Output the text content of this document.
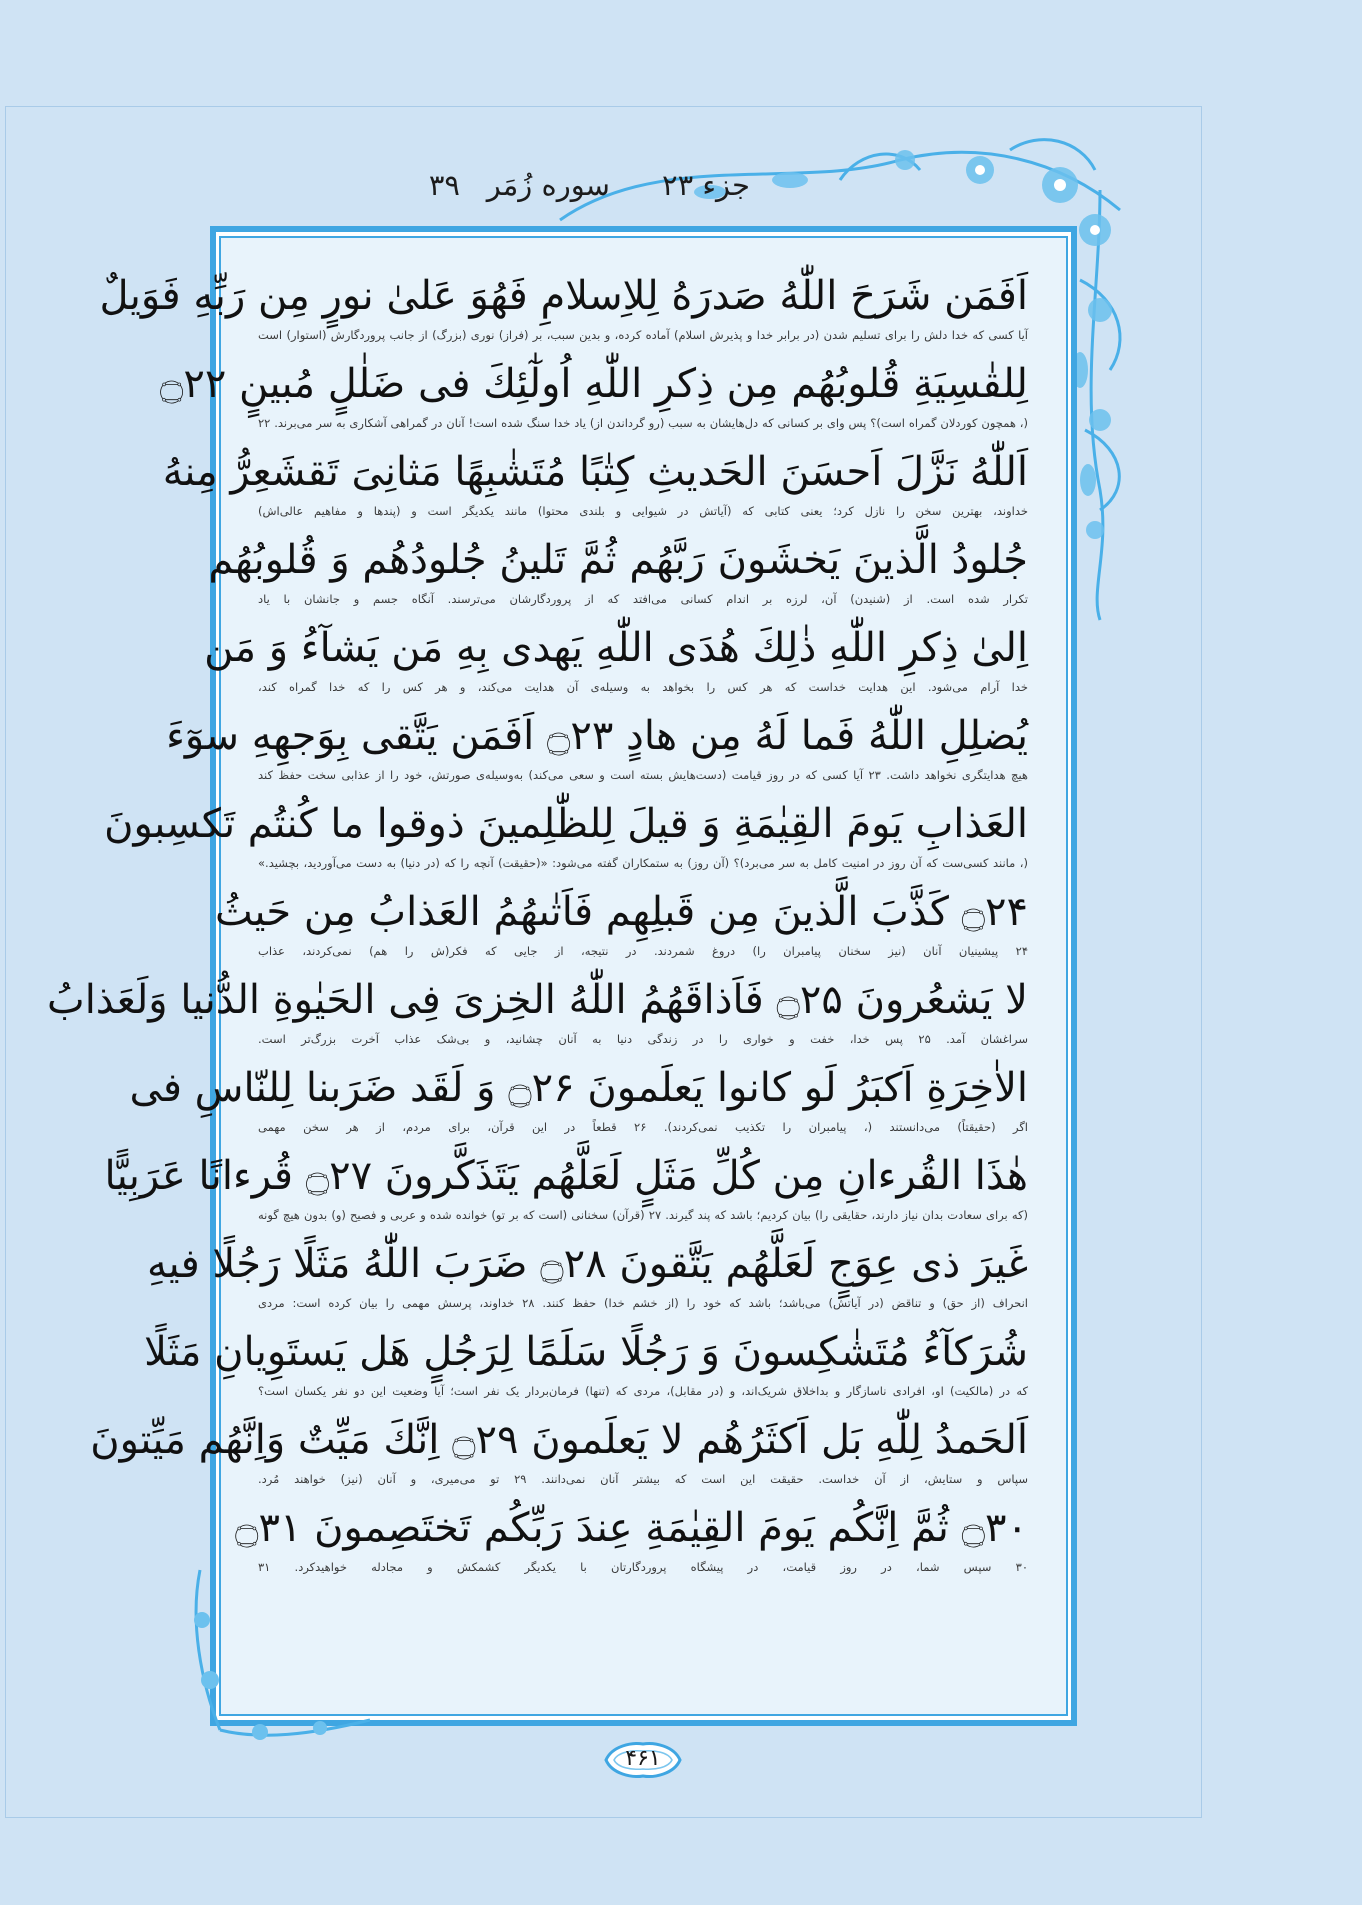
جزء ۲۳
سوره زُمَر
۳۹

اَفَمَن شَرَحَ اللّٰهُ صَدرَهُ لِلاِسلامِ فَهُوَ عَلىٰ نورٍ مِن رَبِّهِ فَوَيلٌ

آیا کسی که خدا دلش را برای تسلیم شدن (در برابر خدا و پذیرش اسلام) آماده کرده، و بدین سبب، بر (فراز) نوری (بزرگ) از جانب پروردگارش (استوار) است

لِلقٰسِيَةِ قُلوبُهُم مِن ذِكرِ اللّٰهِ اُولٰٓئِكَ فى ضَلٰلٍ مُبينٍ ۝۲۲

(، همچون کوردلان گمراه است)؟ پس وای بر کسانی که دل‌هایشان به سبب (رو گرداندن از) یاد خدا سنگ شده است! آنان در گمراهی آشکاری به سر می‌برند. ۲۲

اَللّٰهُ نَزَّلَ اَحسَنَ الحَديثِ كِتٰبًا مُتَشٰبِهًا مَثانِىَ تَقشَعِرُّ مِنهُ

خداوند، بهترین سخن را نازل کرد؛ یعنی کتابی که (آیاتش در شیوایی و بلندی محتوا) مانند یکدیگر است و (پندها و مفاهیم عالی‌اش)

جُلودُ الَّذينَ يَخشَونَ رَبَّهُم ثُمَّ تَلينُ جُلودُهُم وَ قُلوبُهُم

تکرار شده است. از (شنیدن) آن، لرزه بر اندام کسانی می‌افتد که از پروردگارشان می‌ترسند. آنگاه جسم و جانشان با یاد

اِلىٰ ذِكرِ اللّٰهِ ذٰلِكَ هُدَى اللّٰهِ يَهدى بِهِ مَن يَشآءُ وَ مَن

خدا آرام می‌شود. این هدایت خداست که هر کس را بخواهد به وسیله‌ی آن هدایت می‌کند، و هر کس را که خدا گمراه کند،

يُضلِلِ اللّٰهُ فَما لَهُ مِن هادٍ ۝۲۳ اَفَمَن يَتَّقى بِوَجهِهِ سوٓءَ

هیچ هدایتگری نخواهد داشت. ۲۳ آیا کسی که در روز قیامت (دست‌هایش بسته است و سعی می‌کند) به‌وسیله‌ی صورتش، خود را از عذابی سخت حفظ کند

العَذابِ يَومَ القِيٰمَةِ وَ قيلَ لِلظّٰلِمينَ ذوقوا ما كُنتُم تَكسِبونَ

(، مانند کسی‌ست که آن روز در امنیت کامل به سر می‌برد)؟ (آن روز) به ستمکاران گفته می‌شود: «(حقیقت) آنچه را که (در دنیا) به دست می‌آوردید، بچشید.»

۝۲۴ كَذَّبَ الَّذينَ مِن قَبلِهِم فَاَتٰىهُمُ العَذابُ مِن حَيثُ

۲۴ پیشینیان آنان (نیز سخنان پیامبران را) دروغ شمردند. در نتیجه، از جایی که فکر(ش را هم) نمی‌کردند، عذاب

لا يَشعُرونَ ۝۲۵ فَاَذاقَهُمُ اللّٰهُ الخِزىَ فِى الحَيٰوةِ الدُّنيا وَلَعَذابُ

سراغشان آمد. ۲۵ پس خدا، خفت و خواری را در زندگی دنیا به آنان چشانید، و بی‌شک عذاب آخرت بزرگ‌تر است.

الاٰخِرَةِ اَكبَرُ لَو كانوا يَعلَمونَ ۝۲۶ وَ لَقَد ضَرَبنا لِلنّاسِ فى

اگر (حقیقتاً) می‌دانستند (، پیامبران را تکذیب نمی‌کردند). ۲۶ قطعاً در این قرآن، برای مردم، از هر سخن مهمی

هٰذَا القُرءانِ مِن كُلِّ مَثَلٍ لَعَلَّهُم يَتَذَكَّرونَ ۝۲۷ قُرءانًا عَرَبِيًّا

(که برای سعادت بدان نیاز دارند، حقایقی را) بیان کردیم؛ باشد که پند گیرند. ۲۷ (قرآن) سخنانی (است که بر تو) خوانده شده و عربی و فصیح (و) بدون هیچ گونه

غَيرَ ذى عِوَجٍ لَعَلَّهُم يَتَّقونَ ۝۲۸ ضَرَبَ اللّٰهُ مَثَلًا رَجُلًا فيهِ

انحراف (از حق) و تناقض (در آیاتش) می‌باشد؛ باشد که خود را (از خشم خدا) حفظ کنند. ۲۸ خداوند، پرسش مهمی را بیان کرده است: مردی

شُرَكآءُ مُتَشٰكِسونَ وَ رَجُلًا سَلَمًا لِرَجُلٍ هَل يَستَوِيانِ مَثَلًا

که در (مالکیت) او، افرادی ناسازگار و بداخلاق شریک‌اند، و (در مقابل)، مردی که (تنها) فرمان‌بردار یک نفر است؛ آیا وضعیت این دو نفر یکسان است؟

اَلحَمدُ لِلّٰهِ بَل اَكثَرُهُم لا يَعلَمونَ ۝۲۹ اِنَّكَ مَيِّتٌ وَاِنَّهُم مَيِّتونَ

سپاس و ستایش، از آن خداست. حقیقت این است که بیشتر آنان نمی‌دانند. ۲۹ تو می‌میری، و آنان (نیز) خواهند مُرد.

۝۳۰ ثُمَّ اِنَّكُم يَومَ القِيٰمَةِ عِندَ رَبِّكُم تَختَصِمونَ ۝۳۱

۳۰ سپس شما، در روز قیامت، در پیشگاه پروردگارتان با یکدیگر کشمکش و مجادله خواهید‌کرد. ۳۱

۴۶۱
